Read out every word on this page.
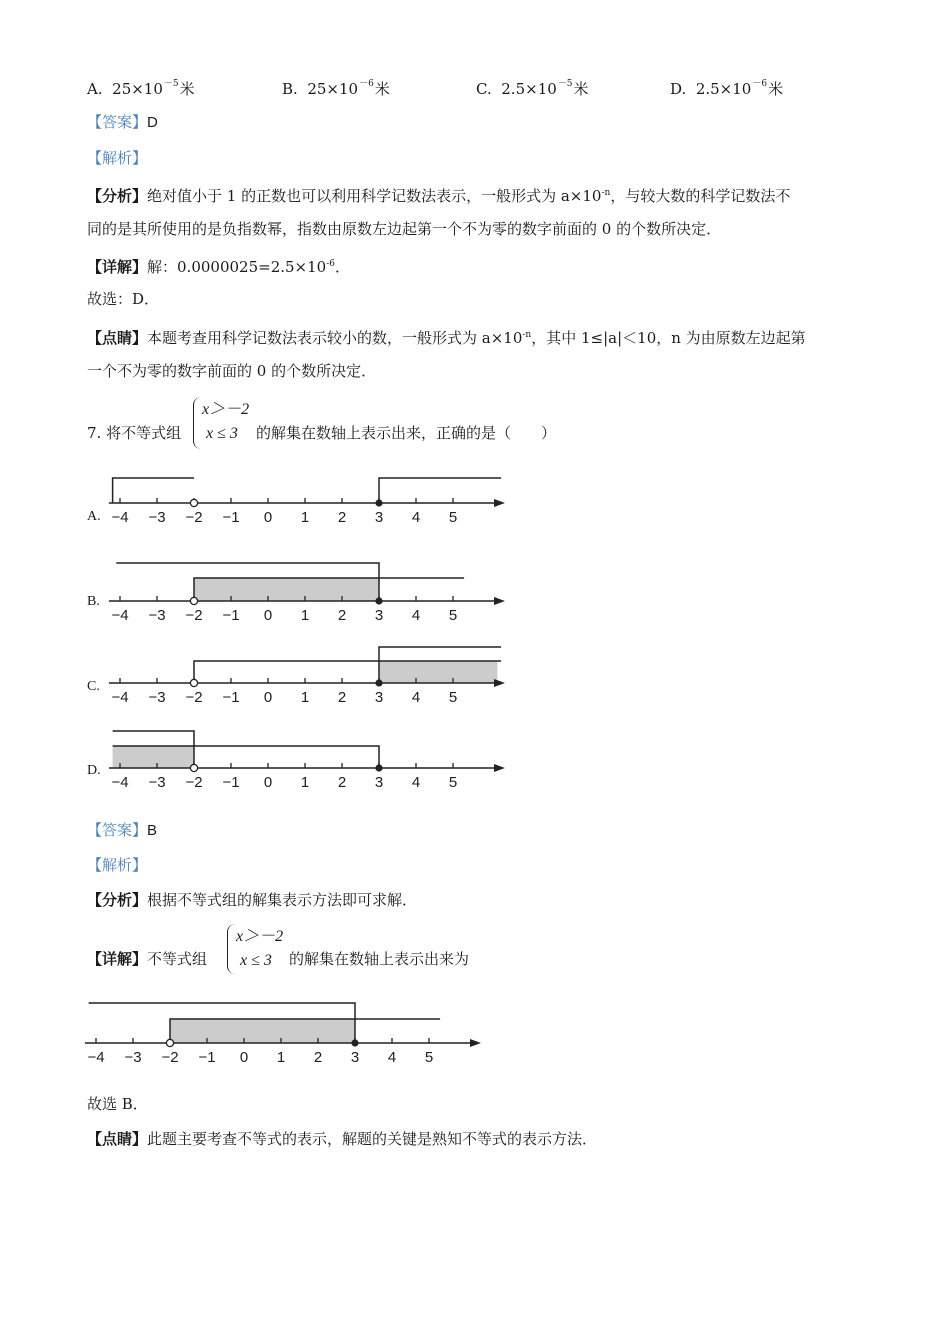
A. $25\times 10^{-5}$米	B. $25\times 10^{-6}$米	C. $2.5\times 10^{-5}$米	D. $2.5\times 10^{-6}$米
【答案】D
【解析】
【分析】绝对值小于 1 的正数也可以利用科学记数法表示，一般形式为 $a\times 10^{-n}$，与较大数的科学记数法不
同的是其所使用的是负指数幂，指数由原数左边起第一个不为零的数字前面的 0 的个数所决定．
【详解】解：$0.0000025=2.5\times 10^{-6}$．
故选：D．
【点睛】本题考查用科学记数法表示较小的数，一般形式为 $a\times 10^{-n}$，其中 1≤|a|＜10，n 为由原数左边起第
一个不为零的数字前面的 0 的个数所决定．
7. 将不等式组
x＞－2
x ≤ 3 的解集在数轴上表示出来，正确的是（　　）
A.
B.
C.
D.
−4 −3 −2 −1 0 1 2 3 4 5
−4 −3 −2 −1 0 1 2 3 4 5
−4 −3 −2 −1 0 1 2 3 4 5
−4 −3 −2 −1 0 1 2 3 4 5
−4 −3 −2 −1 0 1 2 3 4 5
【答案】B
【解析】
【分析】根据不等式组的解集表示方法即可求解．
【详解】不等式组
x＞－2
x ≤ 3 的解集在数轴上表示出来为
故选 B．
【点睛】此题主要考查不等式的表示，解题的关键是熟知不等式的表示方法．
